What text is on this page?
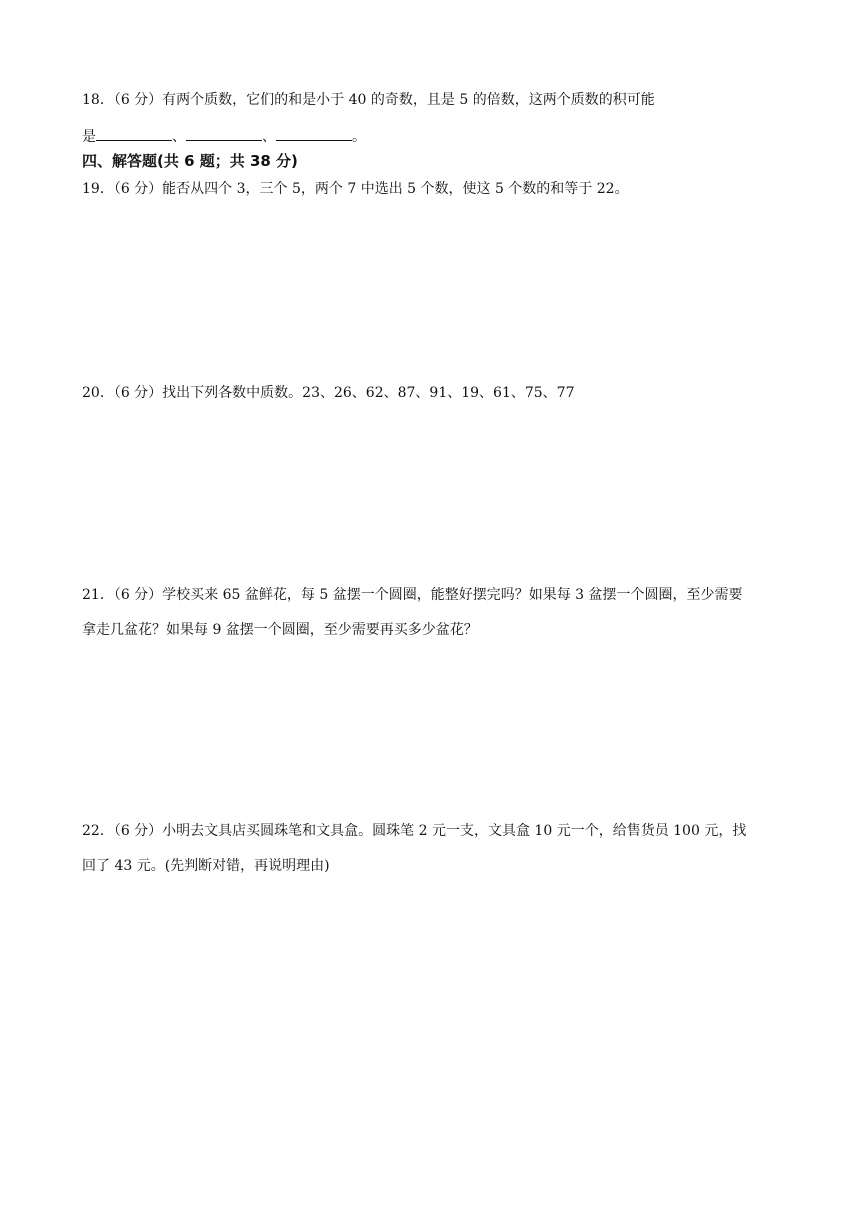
18．（6 分）有两个质数，它们的和是小于 40 的奇数，且是 5 的倍数，这两个质数的积可能
是	、	、	。
四、解答题(共 6 题；共 38 分)
19．（6 分）能否从四个 3，三个 5，两个 7 中选出 5 个数，使这 5 个数的和等于 22。
20．（6 分）找出下列各数中质数。23、26、62、87、91、19、61、75、77
21．（6 分）学校买来 65 盆鲜花，每 5 盆摆一个圆圈，能整好摆完吗？如果每 3 盆摆一个圆圈，至少需要
拿走几盆花？如果每 9 盆摆一个圆圈，至少需要再买多少盆花？
22．（6 分）小明去文具店买圆珠笔和文具盒。圆珠笔 2 元一支，文具盒 10 元一个，给售货员 100 元，找
回了 43 元。(先判断对错，再说明理由)
